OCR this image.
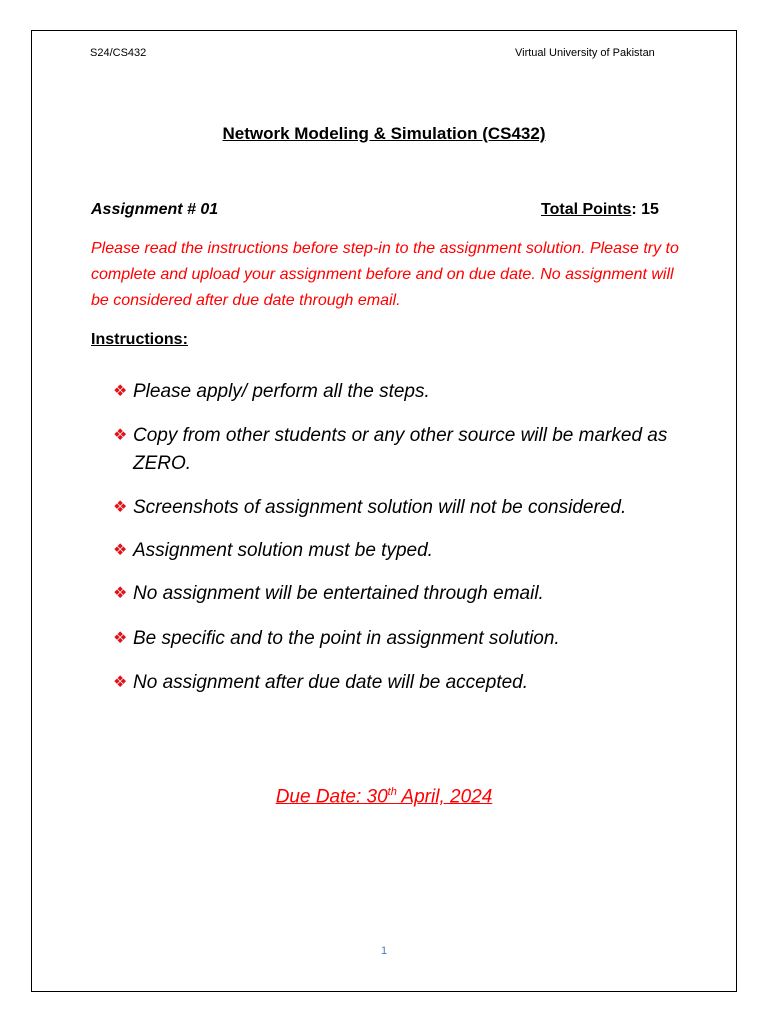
S24/CS432	Virtual University of Pakistan

Network Modeling & Simulation (CS432)

Assignment # 01	Total Points: 15

Please read the instructions before step-in to the assignment solution. Please try to complete and upload your assignment before and on due date. No assignment will be considered after due date through email.

Instructions:

❖ Please apply/ perform all the steps.
❖ Copy from other students or any other source will be marked as ZERO.
❖ Screenshots of assignment solution will not be considered.
❖ Assignment solution must be typed.
❖ No assignment will be entertained through email.
❖ Be specific and to the point in assignment solution.
❖ No assignment after due date will be accepted.

Due Date: 30th April, 2024

1
